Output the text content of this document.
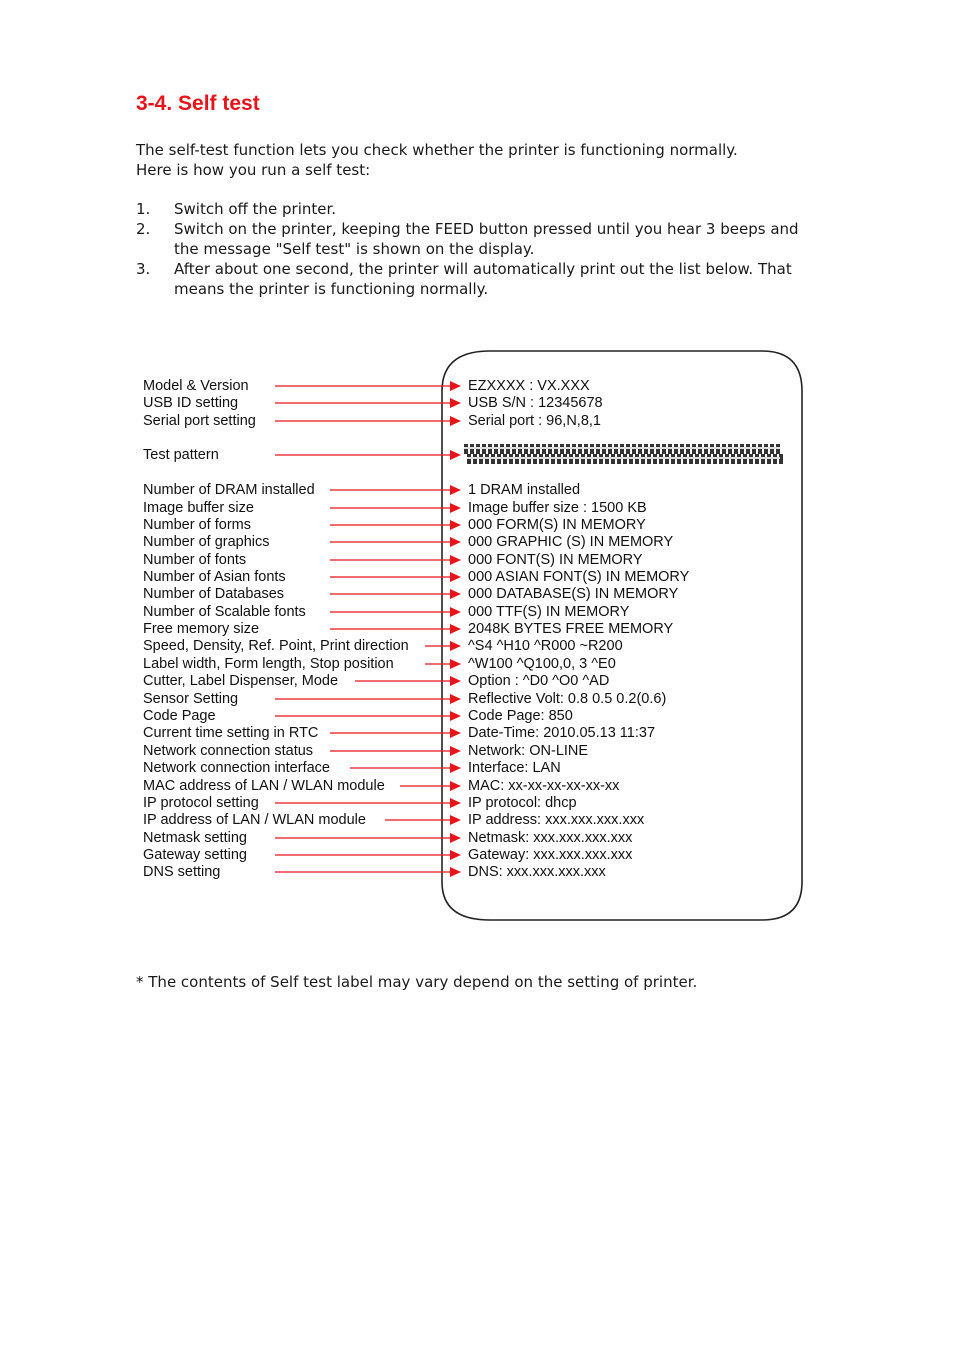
3-4. Self test
The self-test function lets you check whether the printer is functioning normally.
Here is how you run a self test:
1.	Switch off the printer.
2.	Switch on the printer, keeping the FEED button pressed until you hear 3 beeps and the message "Self test" is shown on the display.
3.	After about one second, the printer will automatically print out the list below. That means the printer is functioning normally.
Model & Version	EZXXXX : VX.XXX
USB ID setting	USB S/N : 12345678
Serial port setting	Serial port : 96,N,8,1
Test pattern
Number of DRAM installed	1 DRAM installed
Image buffer size	Image buffer size : 1500 KB
Number of forms	000 FORM(S) IN MEMORY
Number of graphics	000 GRAPHIC (S) IN MEMORY
Number of fonts	000 FONT(S) IN MEMORY
Number of Asian fonts	000 ASIAN FONT(S) IN MEMORY
Number of Databases	000 DATABASE(S) IN MEMORY
Number of Scalable fonts	000 TTF(S) IN MEMORY
Free memory size	2048K BYTES FREE MEMORY
Speed, Density, Ref. Point, Print direction	^S4 ^H10 ^R000 ~R200
Label width, Form length, Stop position	^W100 ^Q100,0, 3 ^E0
Cutter, Label Dispenser, Mode	Option : ^D0 ^O0 ^AD
Sensor Setting	Reflective Volt: 0.8 0.5 0.2(0.6)
Code Page	Code Page: 850
Current time setting in RTC	Date-Time: 2010.05.13 11:37
Network connection status	Network: ON-LINE
Network connection interface	Interface: LAN
MAC address of LAN / WLAN module	MAC: xx-xx-xx-xx-xx-xx
IP protocol setting	IP protocol: dhcp
IP address of LAN / WLAN module	IP address: xxx.xxx.xxx.xxx
Netmask setting	Netmask: xxx.xxx.xxx.xxx
Gateway setting	Gateway: xxx.xxx.xxx.xxx
DNS setting	DNS: xxx.xxx.xxx.xxx
* The contents of Self test label may vary depend on the setting of printer.
